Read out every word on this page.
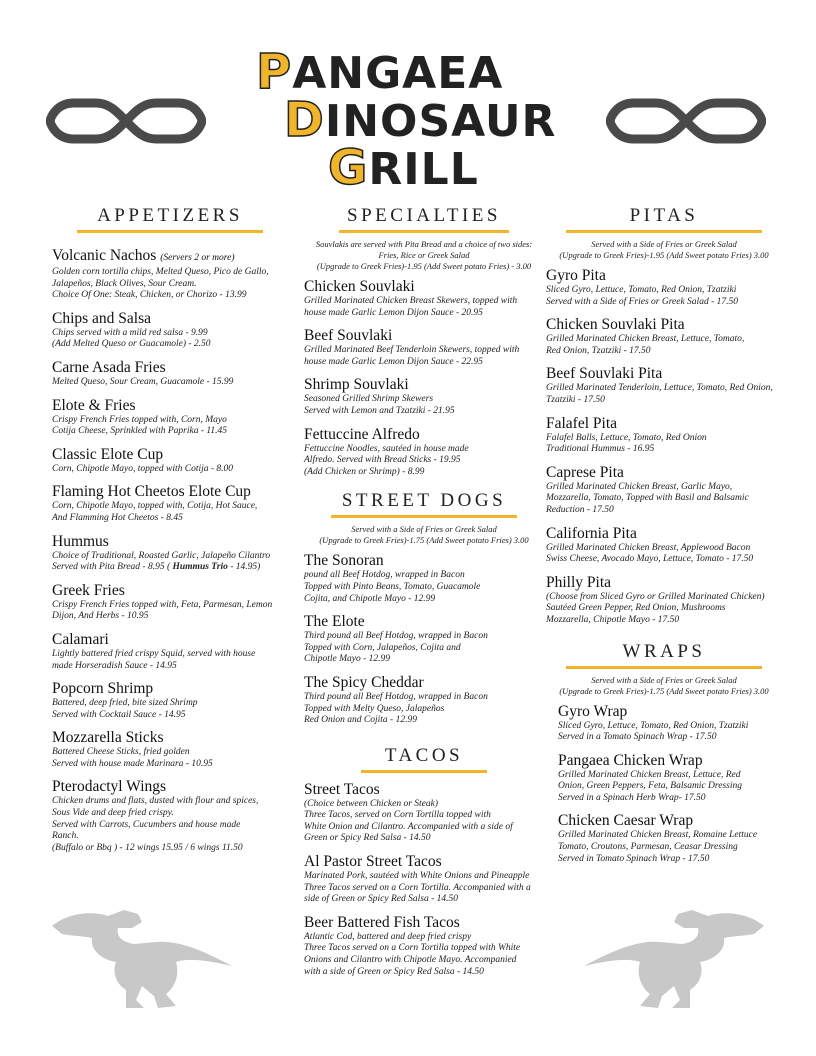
PANGAEA
DINOSAUR
GRILL
APPETIZERS
Volcanic Nachos (Servers 2 or more)
Golden corn tortilla chips, Melted Queso, Pico de Gallo,
Jalapeños, Black Olives, Sour Cream.
Choice Of One: Steak, Chicken, or Chorizo - 13.99
Chips and Salsa
Chips served with a mild red salsa - 9.99
(Add Melted Queso or Guacamole) - 2.50
Carne Asada Fries
Melted Queso, Sour Cream, Guacamole - 15.99
Elote & Fries
Crispy French Fries topped with, Corn, Mayo
Cotija Cheese, Sprinkled with Paprika - 11.45
Classic Elote Cup
Corn, Chipotle Mayo, topped with Cotija - 8.00
Flaming Hot Cheetos Elote Cup
Corn, Chipotle Mayo, topped with, Cotija, Hot Sauce,
And Flamming Hot Cheetos - 8.45
Hummus
Choice of Traditional, Roasted Garlic, Jalapeño Cilantro
Served with Pita Bread - 8.95 ( Hummus Trio - 14.95)
Greek Fries
Crispy French Fries topped with, Feta, Parmesan, Lemon
Dijon, And Herbs - 10.95
Calamari
Lightly battered fried crispy Squid, served with house
made Horseradish Sauce - 14.95
Popcorn Shrimp
Battered, deep fried, bite sized Shrimp
Served with Cocktail Sauce - 14.95
Mozzarella Sticks
Battered Cheese Sticks, fried golden
Served with house made Marinara - 10.95
Pterodactyl Wings
Chicken drums and flats, dusted with flour and spices,
Sous Vide and deep fried crispy.
Served with Carrots, Cucumbers and house made
Ranch.
(Buffalo or Bbq ) - 12 wings 15.95 / 6 wings 11.50
SPECIALTIES
Souvlakis are served with Pita Bread and a choice of two sides:
Fries, Rice or Greek Salad
(Upgrade to Greek Fries)-1.95 (Add Sweet potato Fries) - 3.00
Chicken Souvlaki
Grilled Marinated Chicken Breast Skewers, topped with
house made Garlic Lemon Dijon Sauce - 20.95
Beef Souvlaki
Grilled Marinated Beef Tenderloin Skewers, topped with
house made Garlic Lemon Dijon Sauce - 22.95
Shrimp Souvlaki
Seasoned Grilled Shrimp Skewers
Served with Lemon and Tzatziki - 21.95
Fettuccine Alfredo
Fettuccine Noodles, sautéed in house made
Alfredo. Served with Bread Sticks - 19.95
(Add Chicken or Shrimp) - 8.99
STREET DOGS
Served with a Side of Fries or Greek Salad
(Upgrade to Greek Fries)-1.75 (Add Sweet potato Fries) 3.00
The Sonoran
pound all Beef Hotdog, wrapped in Bacon
Topped with Pinto Beans, Tomato, Guacamole
Cojita, and Chipotle Mayo - 12.99
The Elote
Third pound all Beef Hotdog, wrapped in Bacon
Topped with Corn, Jalapeños, Cojita and
Chipotle Mayo - 12.99
The Spicy Cheddar
Third pound all Beef Hotdog, wrapped in Bacon
Topped with Melty Queso, Jalapeños
Red Onion and Cojita - 12.99
TACOS
Street Tacos
(Choice between Chicken or Steak)
Three Tacos, served on Corn Tortilla topped with
White Onion and Cilantro. Accompanied with a side of
Green or Spicy Red Salsa - 14.50
Al Pastor Street Tacos
Marinated Pork, sautéed with White Onions and Pineapple
Three Tacos served on a Corn Tortilla. Accompanied with a
side of Green or Spicy Red Salsa - 14.50
Beer Battered Fish Tacos
Atlantic Cod, battered and deep fried crispy
Three Tacos served on a Corn Tortilla topped with White
Onions and Cilantro with Chipotle Mayo. Accompanied
with a side of Green or Spicy Red Salsa - 14.50
PITAS
Served with a Side of Fries or Greek Salad
(Upgrade to Greek Fries)-1.95 (Add Sweet potato Fries) 3.00
Gyro Pita
Sliced Gyro, Lettuce, Tomato, Red Onion, Tzatziki
Served with a Side of Fries or Greek Salad - 17.50
Chicken Souvlaki Pita
Grilled Marinated Chicken Breast, Lettuce, Tomato,
Red Onion, Tzatziki - 17.50
Beef Souvlaki Pita
Grilled Marinated Tenderloin, Lettuce, Tomato, Red Onion,
Tzatziki - 17.50
Falafel Pita
Falafel Balls, Lettuce, Tomato, Red Onion
Traditional Hummus - 16.95
Caprese Pita
Grilled Marinated Chicken Breast, Garlic Mayo,
Mozzarella, Tomato, Topped with Basil and Balsamic
Reduction - 17.50
California Pita
Grilled Marinated Chicken Breast, Applewood Bacon
Swiss Cheese, Avocado Mayo, Lettuce, Tomato - 17.50
Philly Pita
(Choose from Sliced Gyro or Grilled Marinated Chicken)
Sautéed Green Pepper, Red Onion, Mushrooms
Mozzarella, Chipotle Mayo - 17.50
WRAPS
Served with a Side of Fries or Greek Salad
(Upgrade to Greek Fries)-1.75 (Add Sweet potato Fries) 3.00
Gyro Wrap
Sliced Gyro, Lettuce, Tomato, Red Onion, Tzatziki
Served in a Tomato Spinach Wrap - 17.50
Pangaea Chicken Wrap
Grilled Marinated Chicken Breast, Lettuce, Red
Onion, Green Peppers, Feta, Balsamic Dressing
Served in a Spinach Herb Wrap- 17.50
Chicken Caesar Wrap
Grilled Marinated Chicken Breast, Romaine Lettuce
Tomato, Croutons, Parmesan, Ceasar Dressing
Served in Tomato Spinach Wrap - 17.50
